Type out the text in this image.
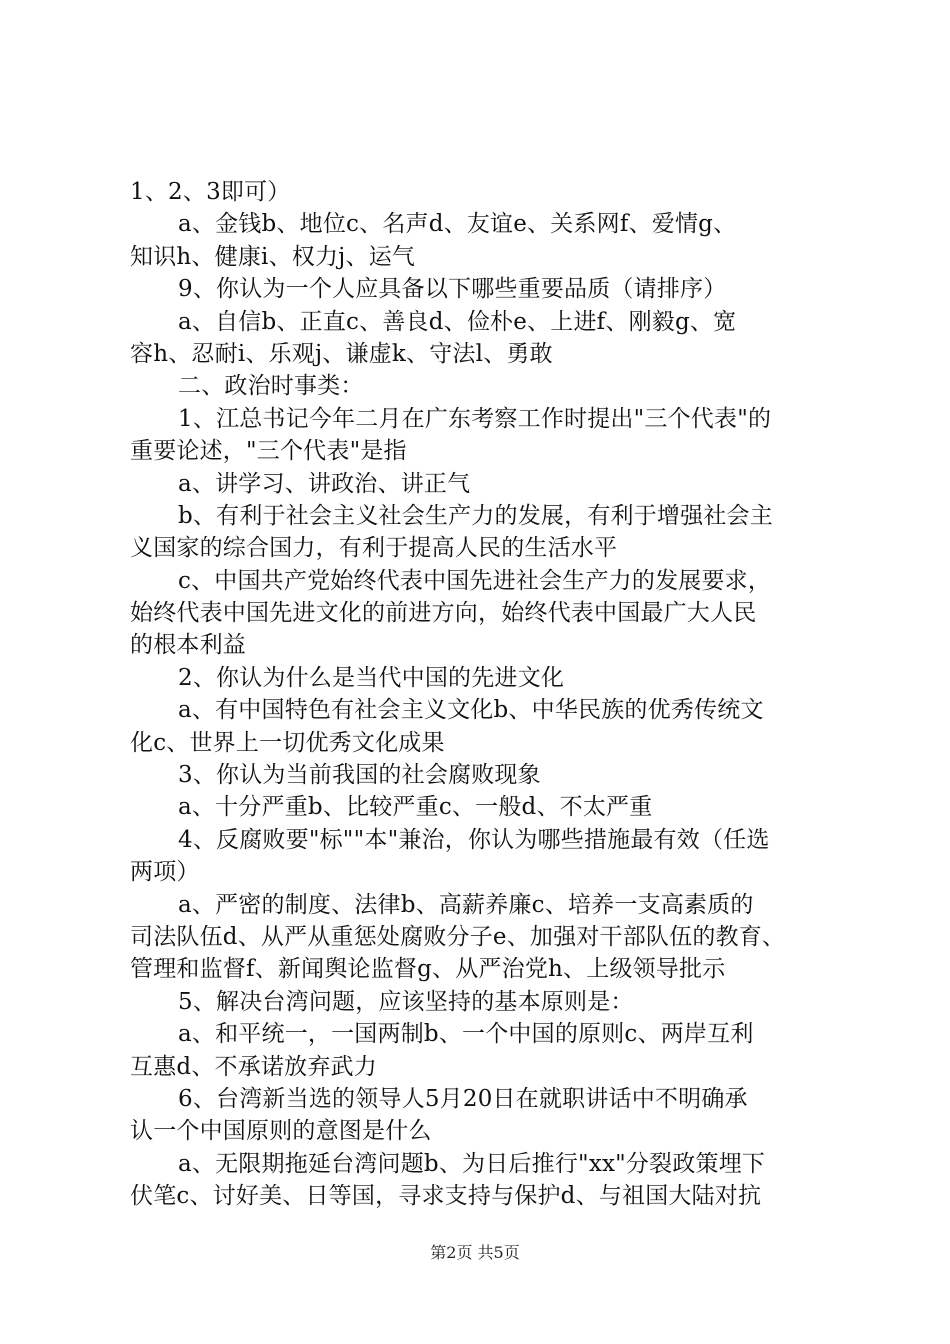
1、2、3即可）
a、金钱b、地位c、名声d、友谊e、关系网f、爱情g、
知识h、健康i、权力j、运气
9、你认为一个人应具备以下哪些重要品质（请排序）
a、自信b、正直c、善良d、俭朴e、上进f、刚毅g、宽
容h、忍耐i、乐观j、谦虚k、守法l、勇敢
二、政治时事类：
1、江总书记今年二月在广东考察工作时提出"三个代表"的
重要论述，"三个代表"是指
a、讲学习、讲政治、讲正气
b、有利于社会主义社会生产力的发展，有利于增强社会主
义国家的综合国力，有利于提高人民的生活水平
c、中国共产党始终代表中国先进社会生产力的发展要求，
始终代表中国先进文化的前进方向，始终代表中国最广大人民
的根本利益
2、你认为什么是当代中国的先进文化
a、有中国特色有社会主义文化b、中华民族的优秀传统文
化c、世界上一切优秀文化成果
3、你认为当前我国的社会腐败现象
a、十分严重b、比较严重c、一般d、不太严重
4、反腐败要"标""本"兼治，你认为哪些措施最有效（任选
两项）
a、严密的制度、法律b、高薪养廉c、培养一支高素质的
司法队伍d、从严从重惩处腐败分子e、加强对干部队伍的教育、
管理和监督f、新闻舆论监督g、从严治党h、上级领导批示
5、解决台湾问题，应该坚持的基本原则是：
a、和平统一，一国两制b、一个中国的原则c、两岸互利
互惠d、不承诺放弃武力
6、台湾新当选的领导人5月20日在就职讲话中不明确承
认一个中国原则的意图是什么
a、无限期拖延台湾问题b、为日后推行"xx"分裂政策埋下
伏笔c、讨好美、日等国，寻求支持与保护d、与祖国大陆对抗
第2页 共5页
